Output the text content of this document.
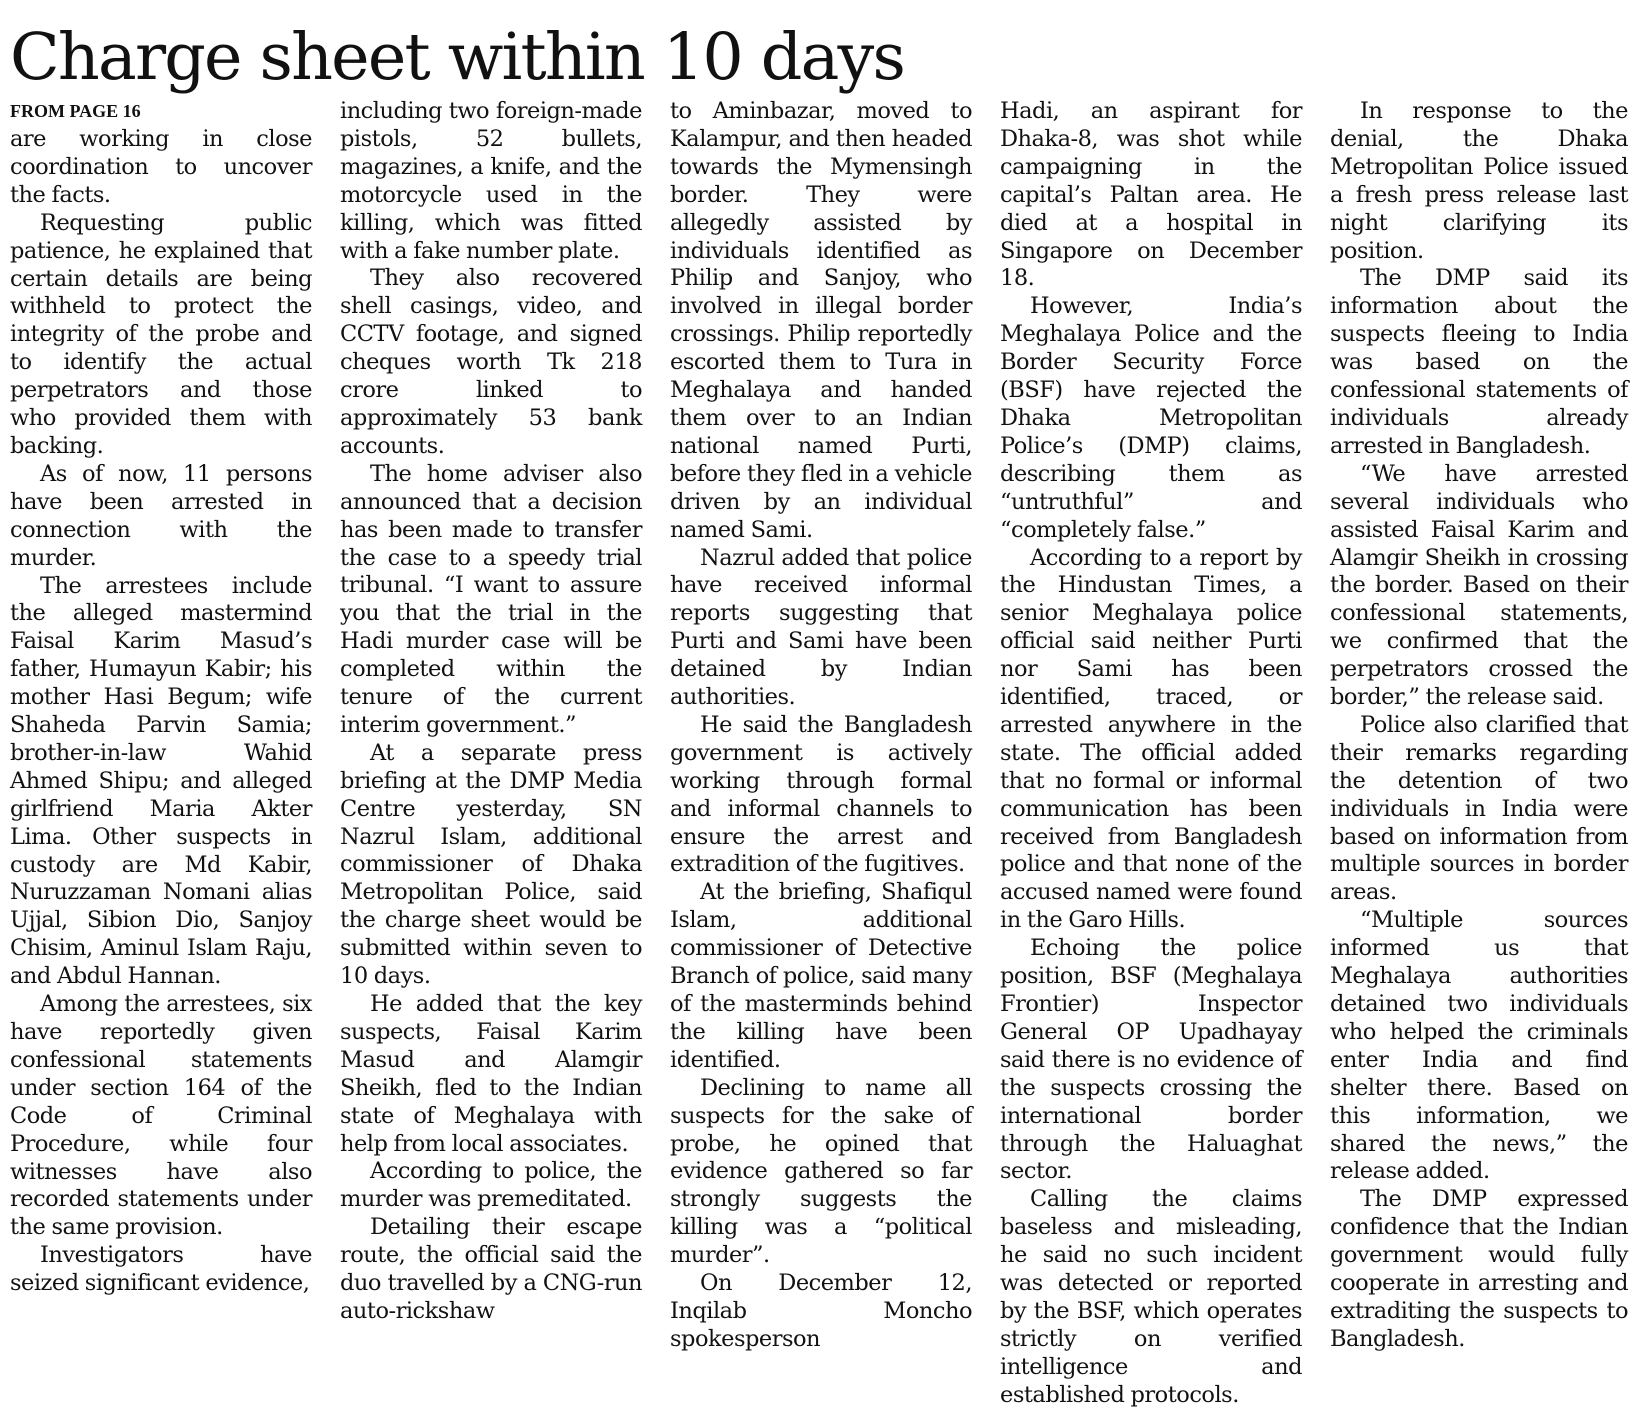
Charge sheet within 10 days
FROM PAGE 16

are working in close coordination to uncover the facts.

Requesting public patience, he explained that certain details are being withheld to protect the integrity of the probe and to identify the actual perpetrators and those who provided them with backing.

As of now, 11 persons have been arrested in connection with the murder.

The arrestees include the alleged mastermind Faisal Karim Masud’s father, Humayun Kabir; his mother Hasi Begum; wife Shaheda Parvin Samia; brother-in-law Wahid Ahmed Shipu; and alleged girlfriend Maria Akter Lima. Other suspects in custody are Md Kabir, Nuruzzaman Nomani alias Ujjal, Sibion Dio, Sanjoy Chisim, Aminul Islam Raju, and Abdul Hannan.

Among the arrestees, six have reportedly given confessional statements under section 164 of the Code of Criminal Procedure, while four witnesses have also recorded statements under the same provision.

Investigators have seized significant evidence,

including two foreign-made pistols, 52 bullets, magazines, a knife, and the motorcycle used in the killing, which was fitted with a fake number plate.

They also recovered shell casings, video, and CCTV footage, and signed cheques worth Tk 218 crore linked to approximately 53 bank accounts.

The home adviser also announced that a decision has been made to transfer the case to a speedy trial tribunal. “I want to assure you that the trial in the Hadi murder case will be completed within the tenure of the current interim government.”

At a separate press briefing at the DMP Media Centre yesterday, SN Nazrul Islam, additional commissioner of Dhaka Metropolitan Police, said the charge sheet would be submitted within seven to 10 days.

He added that the key suspects, Faisal Karim Masud and Alamgir Sheikh, fled to the Indian state of Meghalaya with help from local associates.

According to police, the murder was premeditated.

Detailing their escape route, the official said the duo travelled by a CNG-run auto-rickshaw

to Aminbazar, moved to Kalampur, and then headed towards the Mymensingh border. They were allegedly assisted by individuals identified as Philip and Sanjoy, who involved in illegal border crossings. Philip reportedly escorted them to Tura in Meghalaya and handed them over to an Indian national named Purti, before they fled in a vehicle driven by an individual named Sami.

Nazrul added that police have received informal reports suggesting that Purti and Sami have been detained by Indian authorities.

He said the Bangladesh government is actively working through formal and informal channels to ensure the arrest and extradition of the fugitives.

At the briefing, Shafiqul Islam, additional commissioner of Detective Branch of police, said many of the masterminds behind the killing have been identified.

Declining to name all suspects for the sake of probe, he opined that evidence gathered so far strongly suggests the killing was a “political murder”.

On December 12, Inqilab Moncho spokesperson

Hadi, an aspirant for Dhaka-8, was shot while campaigning in the capital’s Paltan area. He died at a hospital in Singapore on December 18.

However, India’s Meghalaya Police and the Border Security Force (BSF) have rejected the Dhaka Metropolitan Police’s (DMP) claims, describing them as “untruthful” and “completely false.”

According to a report by the Hindustan Times, a senior Meghalaya police official said neither Purti nor Sami has been identified, traced, or arrested anywhere in the state. The official added that no formal or informal communication has been received from Bangladesh police and that none of the accused named were found in the Garo Hills.

Echoing the police position, BSF (Meghalaya Frontier) Inspector General OP Upadhayay said there is no evidence of the suspects crossing the international border through the Haluaghat sector.

Calling the claims baseless and misleading, he said no such incident was detected or reported by the BSF, which operates strictly on verified intelligence and established protocols.

In response to the denial, the Dhaka Metropolitan Police issued a fresh press release last night clarifying its position.

The DMP said its information about the suspects fleeing to India was based on the confessional statements of individuals already arrested in Bangladesh.

“We have arrested several individuals who assisted Faisal Karim and Alamgir Sheikh in crossing the border. Based on their confessional statements, we confirmed that the perpetrators crossed the border,” the release said.

Police also clarified that their remarks regarding the detention of two individuals in India were based on information from multiple sources in border areas.

“Multiple sources informed us that Meghalaya authorities detained two individuals who helped the criminals enter India and find shelter there. Based on this information, we shared the news,” the release added.

The DMP expressed confidence that the Indian government would fully cooperate in arresting and extraditing the suspects to Bangladesh.
